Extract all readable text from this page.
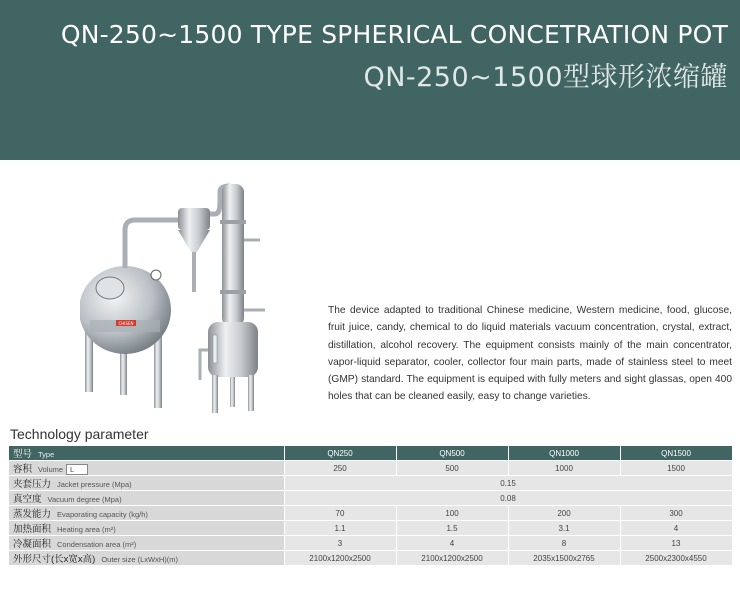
QN-250~1500 TYPE SPHERICAL CONCETRATION POT
QN-250~1500型球形浓缩罐
CHISEN
The device adapted to traditional Chinese medicine, Western medicine, food, glucose, fruit juice, candy, chemical to do liquid materials vacuum concentration, crystal, extract, distillation, alcohol recovery. The equipment consists mainly of the main concentrator, vapor-liquid separator, cooler, collector four main parts, made of stainless steel to meet (GMP) standard. The equipment is equiped with fully meters and sight glassas, open 400 holes that can be cleaned easily, easy to change varieties.
Technology parameter
型号 Type	QN250	QN500	QN1000	QN1500
容积 Volume L	250	500	1000	1500
夹套压力 Jacket pressure (Mpa)	0.15			
真空度 Vacuum degree (Mpa)	0.08			
蒸发能力 Evaporating capacity (kg/h)	70	100	200	300
加热面积 Heating area (m²)	1.1	1.5	3.1	4
冷凝面积 Condensation area (m²)	3	4	8	13
外形尺寸(长x宽x高) Outer size (LxWxH)(m)	2100x1200x2500	2100x1200x2500	2035x1500x2765	2500x2300x4550
